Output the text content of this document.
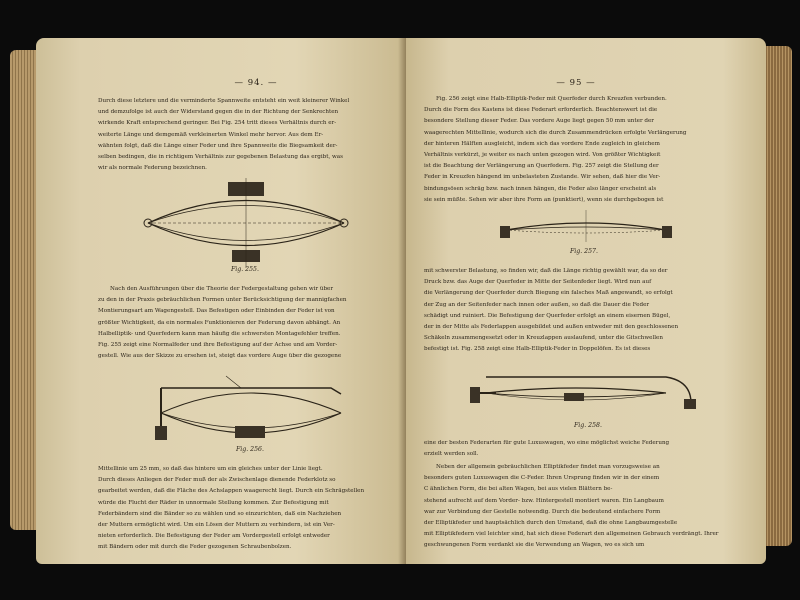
— 94. —

Durch diese letztere und die verminderte Spannweite entsteht ein weit kleinerer Winkel

und demzufolge ist auch der Widerstand gegen die in der Richtung der Senkrechten

wirkende Kraft entsprechend geringer. Bei Fig. 254 tritt dieses Verhältnis durch er-

weiterte Länge und demgemäß verkleinerten Winkel mehr hervor. Aus dem Er-

wähnten folgt, daß die Länge einer Feder und ihre Spannweite die Biegsamkeit der-

selben bedingen, die in richtigem Verhältnis zur gegebenen Belastung das ergibt, was

wir als normale Federung bezeichnen.

Fig. 255.

Nach den Ausführungen über die Theorie der Federgestaltung gehen wir über

zu den in der Praxis gebräuchlichen Formen unter Berücksichtigung der mannigfachen

Montierungsart am Wagengestell. Das Befestigen oder Einbinden der Feder ist von

größter Wichtigkeit, da ein normales Funktionieren der Federung davon abhängt. An

Halbelliptik- und Querfedern kann man häufig die schwersten Montagefehler treffen.

Fig. 255 zeigt eine Normalfeder und ihre Befestigung auf der Achse und am Vorder-

gestell. Wie aus der Skizze zu ersehen ist, steigt das vordere Auge über die gezogene

Fig. 256.

Mittellinie um 25 mm, so daß das hintere um ein gleiches unter der Linie liegt.

Durch dieses Anliegen der Feder muß der als Zwischenlage dienende Federklotz so

gearbeitet werden, daß die Fläche des Achslappen waagerecht liegt. Durch ein Schrägstellen

würde die Flucht der Räder in unnormale Stellung kommen. Zur Befestigung mit

Federbändern sind die Bänder so zu wählen und so einzurichten, daß ein Nachziehen

der Muttern ermöglicht wird. Um ein Lösen der Muttern zu verhindern, ist ein Ver-

nieten erforderlich. Die Befestigung der Feder am Vordergestell erfolgt entweder

mit Bändern oder mit durch die Feder gezogenen Schraubenbolzen.

— 95 —

Fig. 256 zeigt eine Halb-Elliptik-Feder mit Querfeder durch Kreuzfen verbunden.

Durch die Form des Kastens ist diese Federart erforderlich. Beachtenswert ist die

besondere Stellung dieser Feder. Das vordere Auge liegt gegen 50 mm unter der

waagerechten Mittellinie, wodurch sich die durch Zusammendrücken erfolgte Verlängerung

der hinteren Hälften ausgleicht, indem sich das vordere Ende zugleich in gleichem

Verhältnis verkürzt, je weiter es nach unten gezogen wird. Von größter Wichtigkeit

ist die Beachtung der Verlängerung an Querfedern. Fig. 257 zeigt die Stellung der

Feder in Kreuzfen hängend im unbelasteten Zustande. Wir sehen, daß hier die Ver-

bindungsösen schräg bzw. nach innen hängen, die Feder also länger erscheint als

sie sein müßte. Sehen wir aber ihre Form an (punktiert), wenn sie durchgebogen ist

Fig. 257.

mit schwerster Belastung, so finden wir, daß die Länge richtig gewählt war, da so der

Druck bzw. das Auge der Querfeder in Mitte der Seitenfeder liegt. Wird nun auf

die Verlängerung der Querfeder durch Biegung ein falsches Maß angewandt, so erfolgt

der Zug an der Seitenfeder nach innen oder außen, so daß die Dauer die Feder

schädigt und ruiniert. Die Befestigung der Querfeder erfolgt an einem eisernen Bügel,

der in der Mitte als Federlappen ausgebildet und außen entweder mit den geschlossenen

Schäkeln zusammengesetzt oder in Kreuzlappen auslaufend, unter die Gitschwellen

befestigt ist. Fig. 258 zeigt eine Halb-Elliptik-Feder in Doppelöfen. Es ist dieses

Fig. 258.

eine der besten Federarten für gute Luxuswagen, wo eine möglichst weiche Federung

erzielt werden soll.

Neben der allgemein gebräuchlichen Elliptikfeder findet man vorzugsweise an

besonders guten Luxuswagen die C-Feder. Ihren Ursprung finden wir in der einem

C ähnlichen Form, die bei alten Wagen, bei aus vielen Blättern be-

stehend aufrecht auf dem Vorder- bzw. Hintergestell montiert waren. Ein Langbaum

war zur Verbindung der Gestelle notwendig. Durch die bedeutend einfachere Form

der Elliptikfeder und hauptsächlich durch den Umstand, daß die ohne Langbaumgestelle

mit Elliptikfedern viel leichter sind, hat sich diese Federart den allgemeinen Gebrauch verdrängt. Ihrer

geschwungenen Form verdankt sie die Verwendung an Wagen, wo es sich um
